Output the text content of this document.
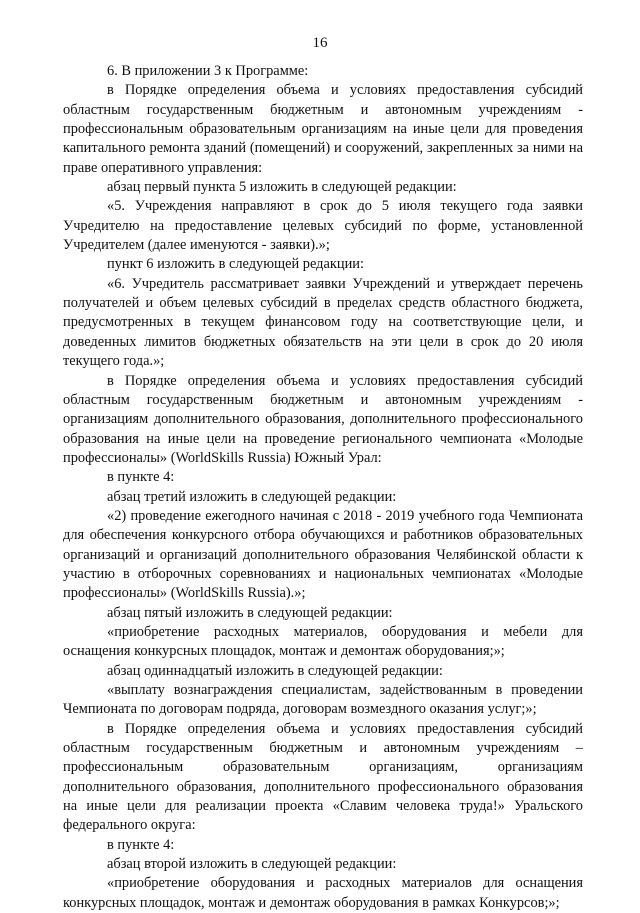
16

6. В приложении 3 к Программе:

в Порядке определения объема и условиях предоставления субсидий областным государственным бюджетным и автономным учреждениям - профессиональным образовательным организациям на иные цели для проведения капитального ремонта зданий (помещений) и сооружений, закрепленных за ними на праве оперативного управления:

абзац первый пункта 5 изложить в следующей редакции:

«5. Учреждения направляют в срок до 5 июля текущего года заявки Учредителю на предоставление целевых субсидий по форме, установленной Учредителем (далее именуются - заявки).»;

пункт 6 изложить в следующей редакции:

«6. Учредитель рассматривает заявки Учреждений и утверждает перечень получателей и объем целевых субсидий в пределах средств областного бюджета, предусмотренных в текущем финансовом году на соответствующие цели, и доведенных лимитов бюджетных обязательств на эти цели в срок до 20 июля текущего года.»;

в Порядке определения объема и условиях предоставления субсидий областным государственным бюджетным и автономным учреждениям - организациям дополнительного образования, дополнительного профессионального образования на иные цели на проведение регионального чемпионата «Молодые профессионалы» (WorldSkills Russia) Южный Урал:

в пункте 4:

абзац третий изложить в следующей редакции:

«2) проведение ежегодного начиная с 2018 - 2019 учебного года Чемпионата для обеспечения конкурсного отбора обучающихся и работников образовательных организаций и организаций дополнительного образования Челябинской области к участию в отборочных соревнованиях и национальных чемпионатах «Молодые профессионалы» (WorldSkills Russia).»;

абзац пятый изложить в следующей редакции:

«приобретение расходных материалов, оборудования и мебели для оснащения конкурсных площадок, монтаж и демонтаж оборудования;»;

абзац одиннадцатый изложить в следующей редакции:

«выплату вознаграждения специалистам, задействованным в проведении Чемпионата по договорам подряда, договорам возмездного оказания услуг;»;

в Порядке определения объема и условиях предоставления субсидий областным государственным бюджетным и автономным учреждениям – профессиональным образовательным организациям, организациям дополнительного образования, дополнительного профессионального образования на иные цели для реализации проекта «Славим человека труда!» Уральского федерального округа:

в пункте 4:

абзац второй изложить в следующей редакции:

«приобретение оборудования и расходных материалов для оснащения конкурсных площадок, монтаж и демонтаж оборудования в рамках Конкурсов;»;
